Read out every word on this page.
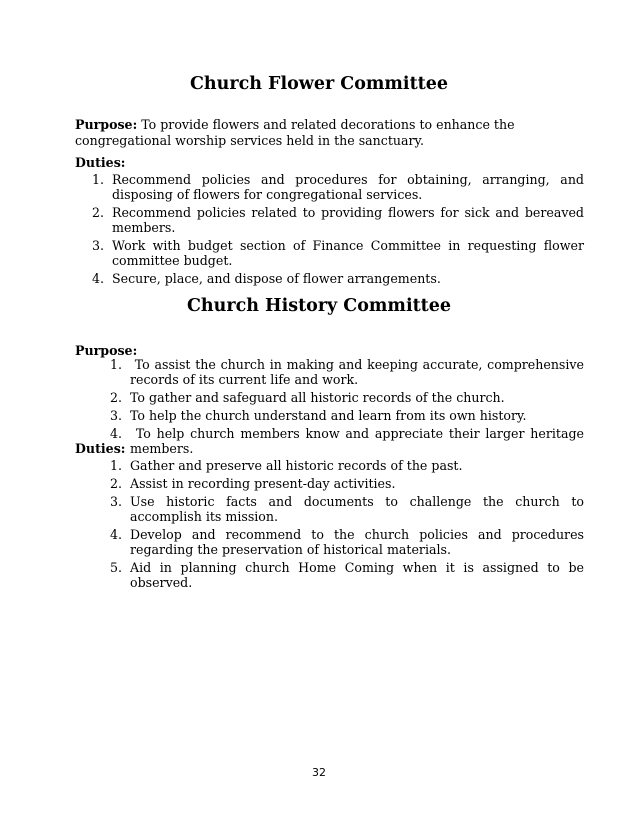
Church Flower Committee

Purpose: To provide flowers and related decorations to enhance the congregational worship services held in the sanctuary.

Duties:

1. Recommend policies and procedures for obtaining, arranging, and disposing of flowers for congregational services.
2. Recommend policies related to providing flowers for sick and bereaved members.
3. Work with budget section of Finance Committee in requesting flower committee budget.
4. Secure, place, and dispose of flower arrangements.
Church History Committee

Purpose:

1.	To assist the church in making and keeping accurate, comprehensive records of its current life and work.
2. To gather and safeguard all historic records of the church.
3. To help the church understand and learn from its own history.
4.	To help church members know and appreciate their larger heritage members.

Duties:

1. Gather and preserve all historic records of the past.
2. Assist in recording present-day activities.
3. Use historic facts and documents to challenge the church to accomplish its mission.
4. Develop and recommend to the church policies and procedures regarding the preservation of historical materials.
5. Aid in planning church Home Coming when it is assigned to be observed.

32
